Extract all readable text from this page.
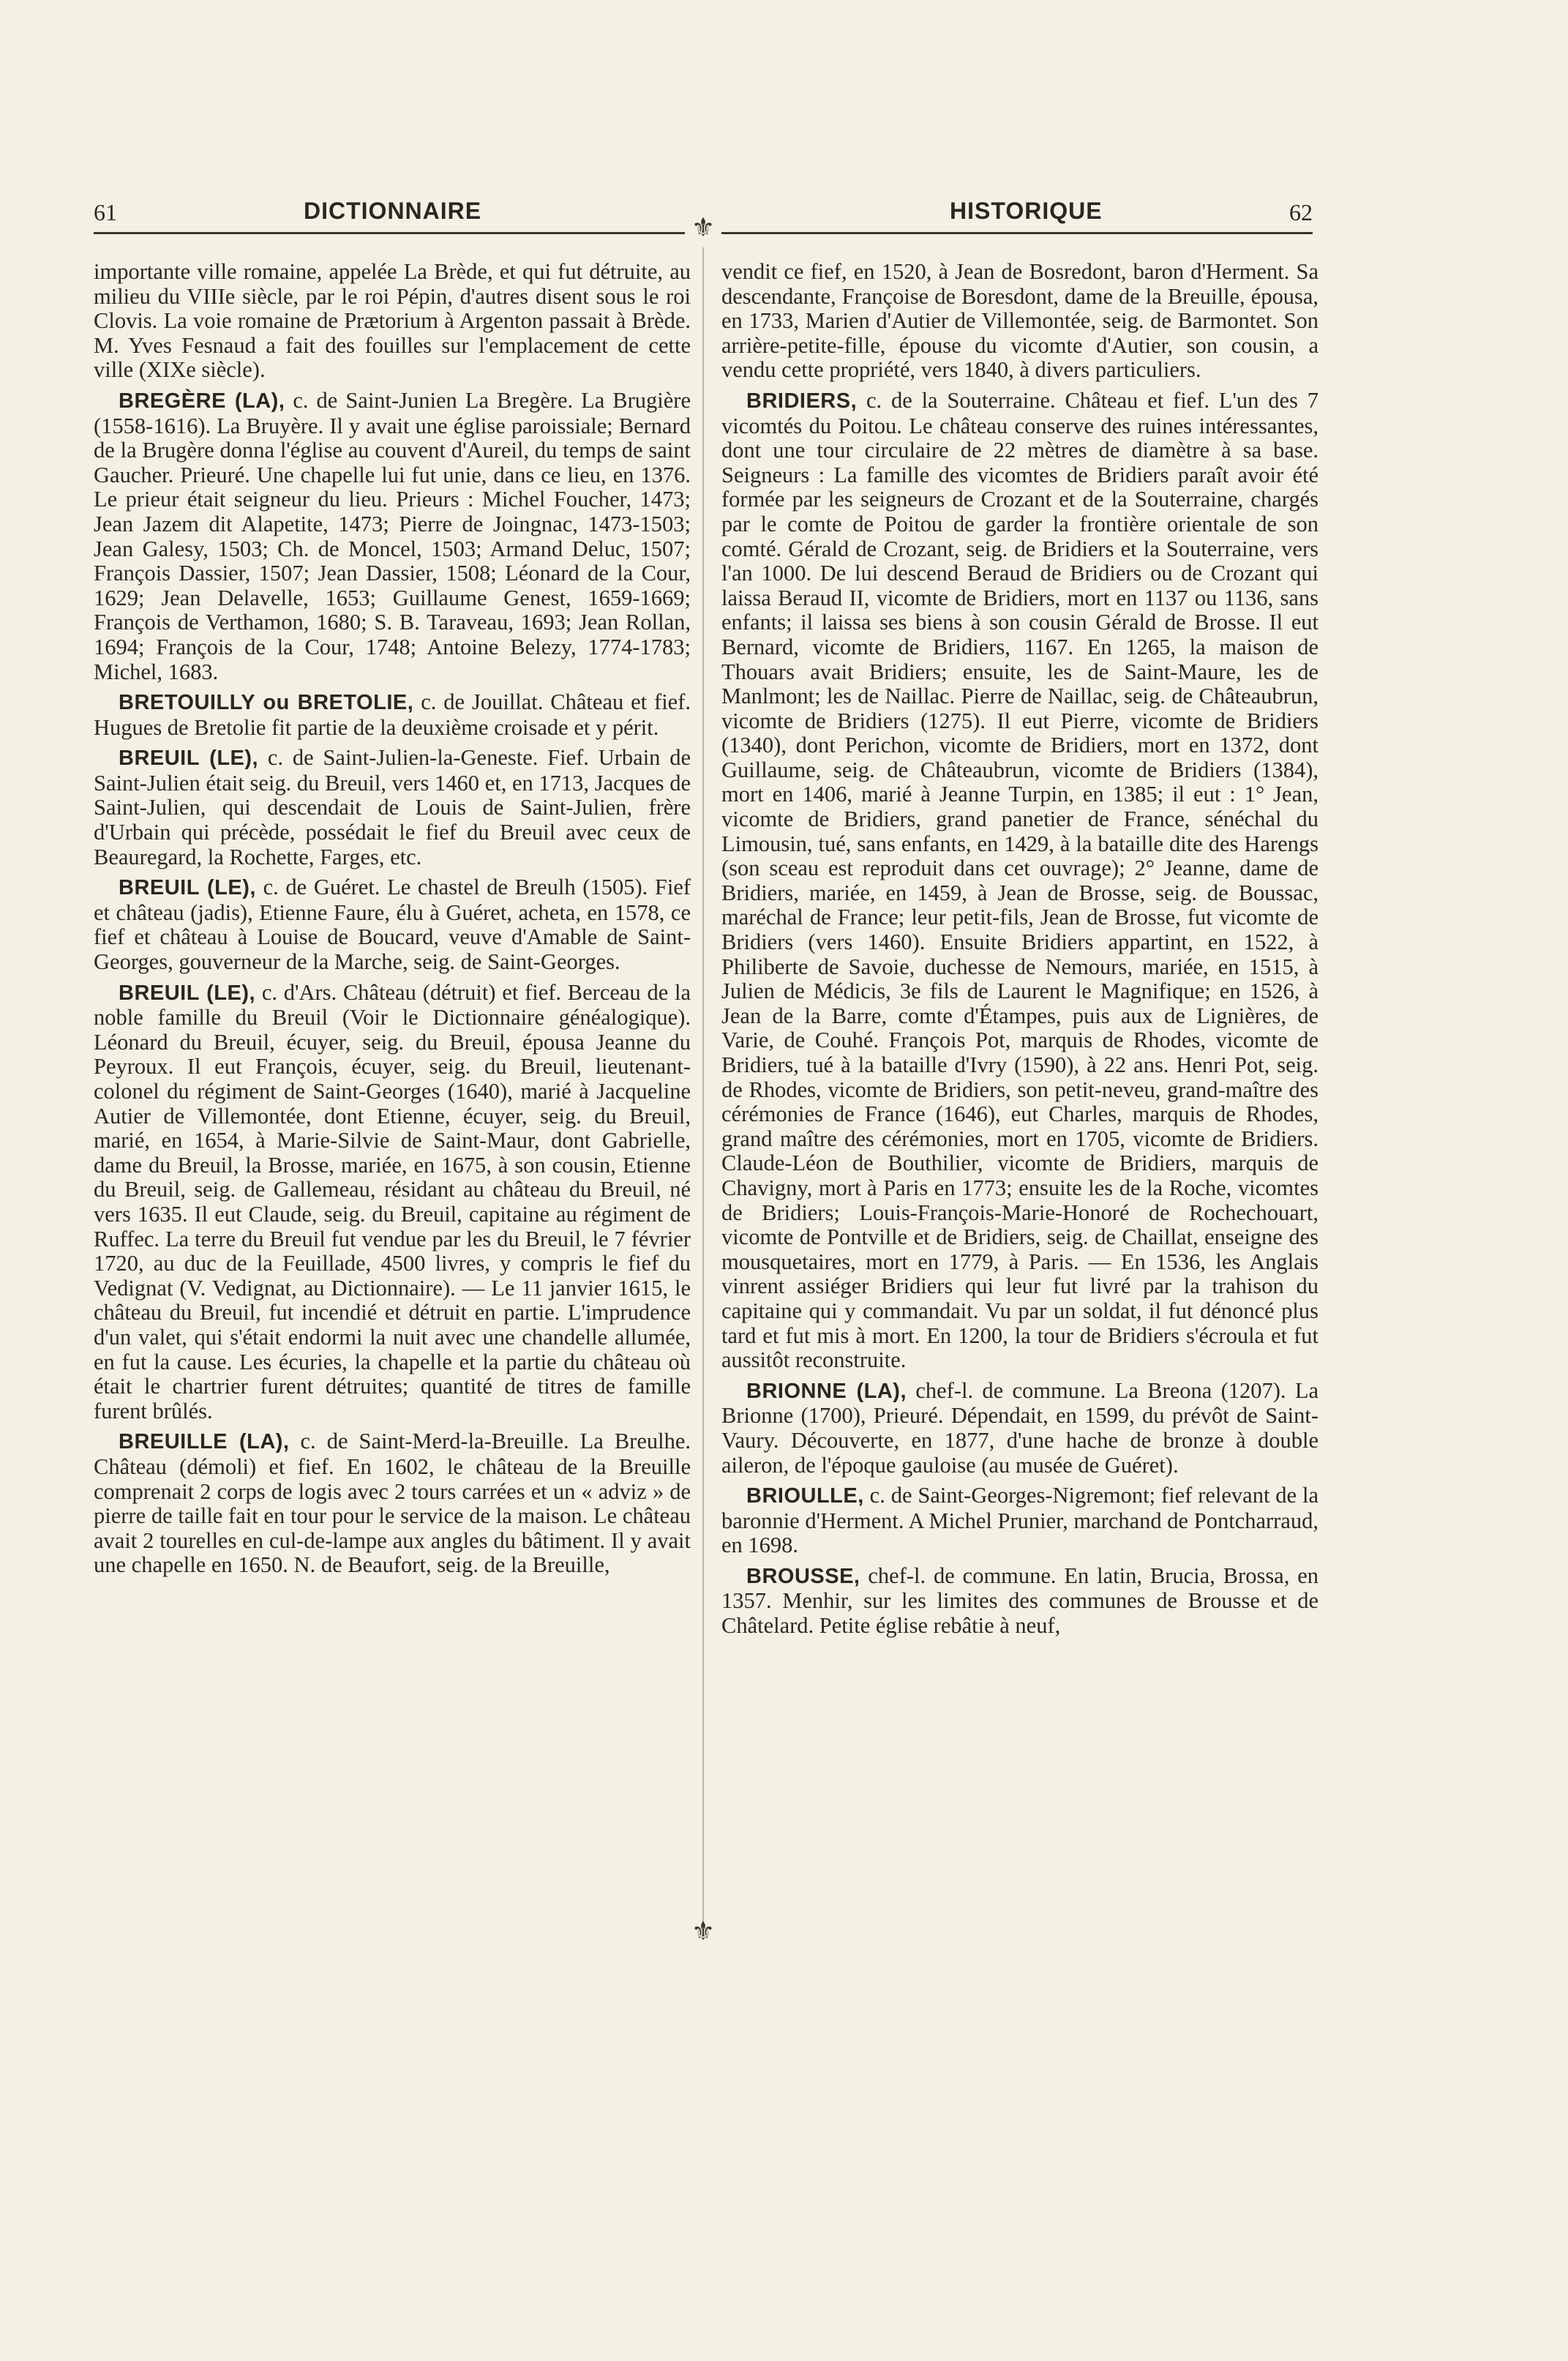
61	DICTIONNAIRE	HISTORIQUE	62
⚜
⚜

importante ville romaine, appelée La Brède, et qui fut détruite, au milieu du VIIIe siècle, par le roi Pépin, d'autres disent sous le roi Clovis. La voie romaine de Prætorium à Argenton passait à Brède. M. Yves Fesnaud a fait des fouilles sur l'emplacement de cette ville (XIXe siècle).

BREGÈRE (LA), c. de Saint-Junien La Bregère. La Brugière (1558-1616). La Bruyère. Il y avait une église paroissiale; Bernard de la Brugère donna l'église au couvent d'Aureil, du temps de saint Gaucher. Prieuré. Une chapelle lui fut unie, dans ce lieu, en 1376. Le prieur était seigneur du lieu. Prieurs : Michel Foucher, 1473; Jean Jazem dit Alapetite, 1473; Pierre de Joingnac, 1473-1503; Jean Galesy, 1503; Ch. de Moncel, 1503; Armand Deluc, 1507; François Dassier, 1507; Jean Dassier, 1508; Léonard de la Cour, 1629; Jean Delavelle, 1653; Guillaume Genest, 1659-1669; François de Verthamon, 1680; S. B. Taraveau, 1693; Jean Rollan, 1694; François de la Cour, 1748; Antoine Belezy, 1774-1783; Michel, 1683.

BRETOUILLY ou BRETOLIE, c. de Jouillat. Château et fief. Hugues de Bretolie fit partie de la deuxième croisade et y périt.

BREUIL (LE), c. de Saint-Julien-la-Geneste. Fief. Urbain de Saint-Julien était seig. du Breuil, vers 1460 et, en 1713, Jacques de Saint-Julien, qui descendait de Louis de Saint-Julien, frère d'Urbain qui précède, possédait le fief du Breuil avec ceux de Beauregard, la Rochette, Farges, etc.

BREUIL (LE), c. de Guéret. Le chastel de Breulh (1505). Fief et château (jadis), Etienne Faure, élu à Guéret, acheta, en 1578, ce fief et château à Louise de Boucard, veuve d'Amable de Saint-Georges, gouverneur de la Marche, seig. de Saint-Georges.

BREUIL (LE), c. d'Ars. Château (détruit) et fief. Berceau de la noble famille du Breuil (Voir le Dictionnaire généalogique). Léonard du Breuil, écuyer, seig. du Breuil, épousa Jeanne du Peyroux. Il eut François, écuyer, seig. du Breuil, lieutenant-colonel du régiment de Saint-Georges (1640), marié à Jacqueline Autier de Villemontée, dont Etienne, écuyer, seig. du Breuil, marié, en 1654, à Marie-Silvie de Saint-Maur, dont Gabrielle, dame du Breuil, la Brosse, mariée, en 1675, à son cousin, Etienne du Breuil, seig. de Gallemeau, résidant au château du Breuil, né vers 1635. Il eut Claude, seig. du Breuil, capitaine au régiment de Ruffec. La terre du Breuil fut vendue par les du Breuil, le 7 février 1720, au duc de la Feuillade, 4500 livres, y compris le fief du Vedignat (V. Vedignat, au Dictionnaire). — Le 11 janvier 1615, le château du Breuil, fut incendié et détruit en partie. L'imprudence d'un valet, qui s'était endormi la nuit avec une chandelle allumée, en fut la cause. Les écuries, la chapelle et la partie du château où était le chartrier furent détruites; quantité de titres de famille furent brûlés.

BREUILLE (LA), c. de Saint-Merd-la-Breuille. La Breulhe. Château (démoli) et fief. En 1602, le château de la Breuille comprenait 2 corps de logis avec 2 tours carrées et un « adviz » de pierre de taille fait en tour pour le service de la maison. Le château avait 2 tourelles en cul-de-lampe aux angles du bâtiment. Il y avait une chapelle en 1650. N. de Beaufort, seig. de la Breuille,

vendit ce fief, en 1520, à Jean de Bosredont, baron d'Herment. Sa descendante, Françoise de Boresdont, dame de la Breuille, épousa, en 1733, Marien d'Autier de Villemontée, seig. de Barmontet. Son arrière-petite-fille, épouse du vicomte d'Autier, son cousin, a vendu cette propriété, vers 1840, à divers particuliers.

BRIDIERS, c. de la Souterraine. Château et fief. L'un des 7 vicomtés du Poitou. Le château conserve des ruines intéressantes, dont une tour circulaire de 22 mètres de diamètre à sa base. Seigneurs : La famille des vicomtes de Bridiers paraît avoir été formée par les seigneurs de Crozant et de la Souterraine, chargés par le comte de Poitou de garder la frontière orientale de son comté. Gérald de Crozant, seig. de Bridiers et la Souterraine, vers l'an 1000. De lui descend Beraud de Bridiers ou de Crozant qui laissa Beraud II, vicomte de Bridiers, mort en 1137 ou 1136, sans enfants; il laissa ses biens à son cousin Gérald de Brosse. Il eut Bernard, vicomte de Bridiers, 1167. En 1265, la maison de Thouars avait Bridiers; ensuite, les de Saint-Maure, les de Manlmont; les de Naillac. Pierre de Naillac, seig. de Châteaubrun, vicomte de Bridiers (1275). Il eut Pierre, vicomte de Bridiers (1340), dont Perichon, vicomte de Bridiers, mort en 1372, dont Guillaume, seig. de Châteaubrun, vicomte de Bridiers (1384), mort en 1406, marié à Jeanne Turpin, en 1385; il eut : 1° Jean, vicomte de Bridiers, grand panetier de France, sénéchal du Limousin, tué, sans enfants, en 1429, à la bataille dite des Harengs (son sceau est reproduit dans cet ouvrage); 2° Jeanne, dame de Bridiers, mariée, en 1459, à Jean de Brosse, seig. de Boussac, maréchal de France; leur petit-fils, Jean de Brosse, fut vicomte de Bridiers (vers 1460). Ensuite Bridiers appartint, en 1522, à Philiberte de Savoie, duchesse de Nemours, mariée, en 1515, à Julien de Médicis, 3e fils de Laurent le Magnifique; en 1526, à Jean de la Barre, comte d'Étampes, puis aux de Lignières, de Varie, de Couhé. François Pot, marquis de Rhodes, vicomte de Bridiers, tué à la bataille d'Ivry (1590), à 22 ans. Henri Pot, seig. de Rhodes, vicomte de Bridiers, son petit-neveu, grand-maître des cérémonies de France (1646), eut Charles, marquis de Rhodes, grand maître des cérémonies, mort en 1705, vicomte de Bridiers. Claude-Léon de Bouthilier, vicomte de Bridiers, marquis de Chavigny, mort à Paris en 1773; ensuite les de la Roche, vicomtes de Bridiers; Louis-François-Marie-Honoré de Rochechouart, vicomte de Pontville et de Bridiers, seig. de Chaillat, enseigne des mousquetaires, mort en 1779, à Paris. — En 1536, les Anglais vinrent assiéger Bridiers qui leur fut livré par la trahison du capitaine qui y commandait. Vu par un soldat, il fut dénoncé plus tard et fut mis à mort. En 1200, la tour de Bridiers s'écroula et fut aussitôt reconstruite.

BRIONNE (LA), chef-l. de commune. La Breona (1207). La Brionne (1700), Prieuré. Dépendait, en 1599, du prévôt de Saint-Vaury. Découverte, en 1877, d'une hache de bronze à double aileron, de l'époque gauloise (au musée de Guéret).

BRIOULLE, c. de Saint-Georges-Nigremont; fief relevant de la baronnie d'Herment. A Michel Prunier, marchand de Pontcharraud, en 1698.

BROUSSE, chef-l. de commune. En latin, Brucia, Brossa, en 1357. Menhir, sur les limites des communes de Brousse et de Châtelard. Petite église rebâtie à neuf,
